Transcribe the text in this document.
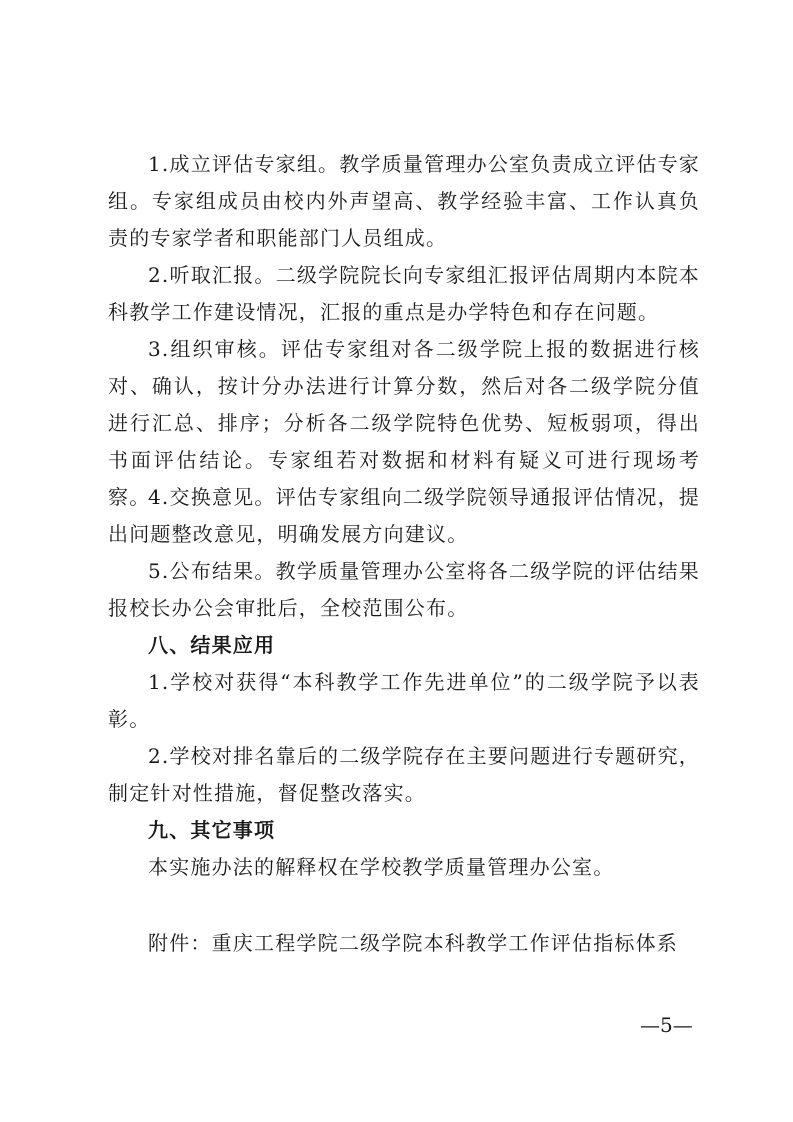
1.成立评估专家组。教学质量管理办公室负责成立评估专家组。专家组成员由校内外声望高、教学经验丰富、工作认真负责的专家学者和职能部门人员组成。

2.听取汇报。二级学院院长向专家组汇报评估周期内本院本科教学工作建设情况，汇报的重点是办学特色和存在问题。

3.组织审核。评估专家组对各二级学院上报的数据进行核对、确认，按计分办法进行计算分数，然后对各二级学院分值进行汇总、排序；分析各二级学院特色优势、短板弱项，得出书面评估结论。专家组若对数据和材料有疑义可进行现场考察。

4.交换意见。评估专家组向二级学院领导通报评估情况，提出问题整改意见，明确发展方向建议。

5.公布结果。教学质量管理办公室将各二级学院的评估结果报校长办公会审批后，全校范围公布。

八、结果应用

1.学校对获得“本科教学工作先进单位”的二级学院予以表彰。

2.学校对排名靠后的二级学院存在主要问题进行专题研究，制定针对性措施，督促整改落实。

九、其它事项

本实施办法的解释权在学校教学质量管理办公室。

附件：重庆工程学院二级学院本科教学工作评估指标体系

—5—
